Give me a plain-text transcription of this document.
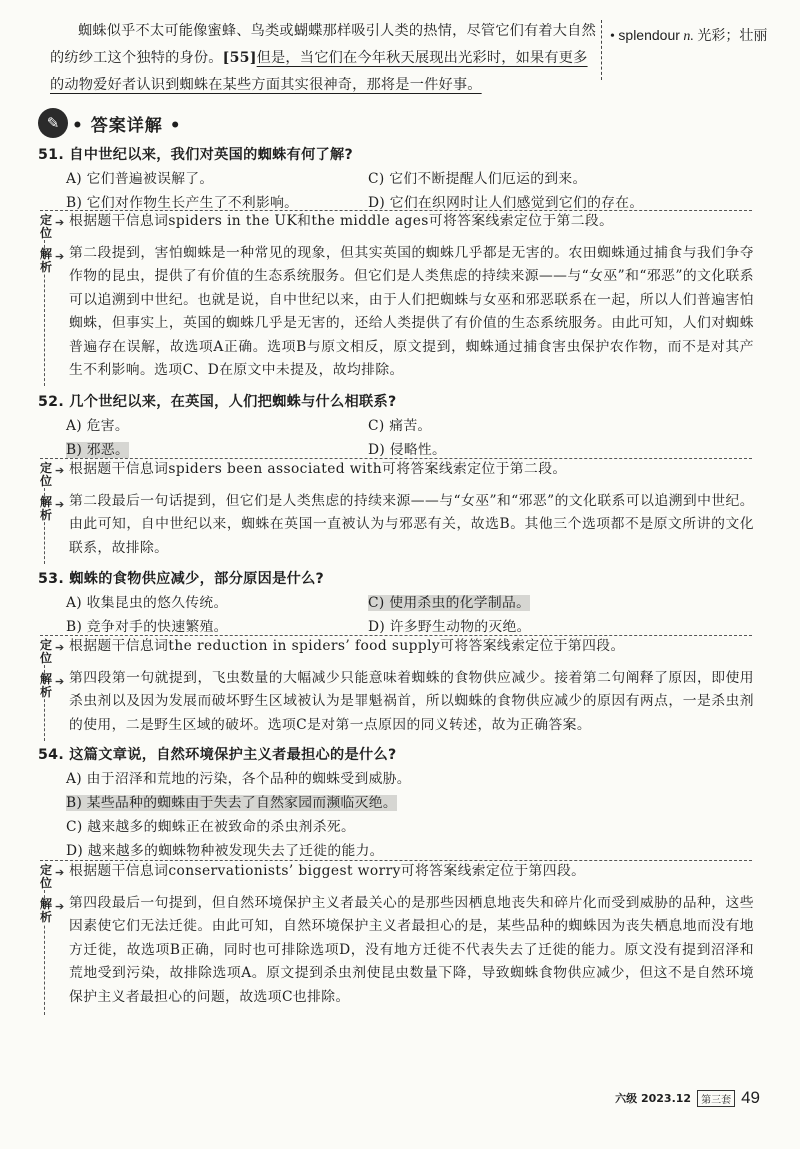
蜘蛛似乎不太可能像蜜蜂、鸟类或蝴蝶那样吸引人类的热情，尽管它们有着大自然的纺纱工这个独特的身份。[55]但是，当它们在今年秋天展现出光彩时，如果有更多的动物爱好者认识到蜘蛛在某些方面其实很神奇，那将是一件好事。

• splendour n. 光彩；壮丽
✎ • 答案详解 •
51. 自中世纪以来，我们对英国的蜘蛛有何了解?
A) 它们普遍被误解了。	C) 它们不断提醒人们厄运的到来。
B) 它们对作物生长产生了不利影响。	D) 它们在织网时让人们感觉到它们的存在。
定位
➔ 根据题干信息词spiders in the UK和the middle ages可将答案线索定位于第二段。
解析
➔ 第二段提到，害怕蜘蛛是一种常见的现象，但其实英国的蜘蛛几乎都是无害的。农田蜘蛛通过捕食与我们争夺作物的昆虫，提供了有价值的生态系统服务。但它们是人类焦虑的持续来源——与“女巫”和“邪恶”的文化联系可以追溯到中世纪。也就是说，自中世纪以来，由于人们把蜘蛛与女巫和邪恶联系在一起，所以人们普遍害怕蜘蛛，但事实上，英国的蜘蛛几乎是无害的，还给人类提供了有价值的生态系统服务。由此可知，人们对蜘蛛普遍存在误解，故选项A正确。选项B与原文相反，原文提到，蜘蛛通过捕食害虫保护农作物，而不是对其产生不利影响。选项C、D在原文中未提及，故均排除。
52. 几个世纪以来，在英国，人们把蜘蛛与什么相联系?
A) 危害。	C) 痛苦。
B) 邪恶。	D) 侵略性。
定位
➔ 根据题干信息词spiders been associated with可将答案线索定位于第二段。
解析
➔ 第二段最后一句话提到，但它们是人类焦虑的持续来源——与“女巫”和“邪恶”的文化联系可以追溯到中世纪。由此可知，自中世纪以来，蜘蛛在英国一直被认为与邪恶有关，故选B。其他三个选项都不是原文所讲的文化联系，故排除。
53. 蜘蛛的食物供应减少，部分原因是什么?
A) 收集昆虫的悠久传统。	C) 使用杀虫的化学制品。
B) 竞争对手的快速繁殖。	D) 许多野生动物的灭绝。
定位
➔ 根据题干信息词the reduction in spiders’ food supply可将答案线索定位于第四段。
解析
➔ 第四段第一句就提到，飞虫数量的大幅减少只能意味着蜘蛛的食物供应减少。接着第二句阐释了原因，即使用杀虫剂以及因为发展而破坏野生区域被认为是罪魁祸首，所以蜘蛛的食物供应减少的原因有两点，一是杀虫剂的使用，二是野生区域的破坏。选项C是对第一点原因的同义转述，故为正确答案。
54. 这篇文章说，自然环境保护主义者最担心的是什么?
A) 由于沼泽和荒地的污染，各个品种的蜘蛛受到威胁。
B) 某些品种的蜘蛛由于失去了自然家园而濒临灭绝。
C) 越来越多的蜘蛛正在被致命的杀虫剂杀死。
D) 越来越多的蜘蛛物种被发现失去了迁徙的能力。
定位
➔ 根据题干信息词conservationists’ biggest worry可将答案线索定位于第四段。
解析
➔ 第四段最后一句提到，但自然环境保护主义者最关心的是那些因栖息地丧失和碎片化而受到威胁的品种，这些因素使它们无法迁徙。由此可知，自然环境保护主义者最担心的是，某些品种的蜘蛛因为丧失栖息地而没有地方迁徙，故选项B正确，同时也可排除选项D，没有地方迁徙不代表失去了迁徙的能力。原文没有提到沼泽和荒地受到污染，故排除选项A。原文提到杀虫剂使昆虫数量下降，导致蜘蛛食物供应减少，但这不是自然环境保护主义者最担心的问题，故选项C也排除。
六级 2023.12	第三套 49
